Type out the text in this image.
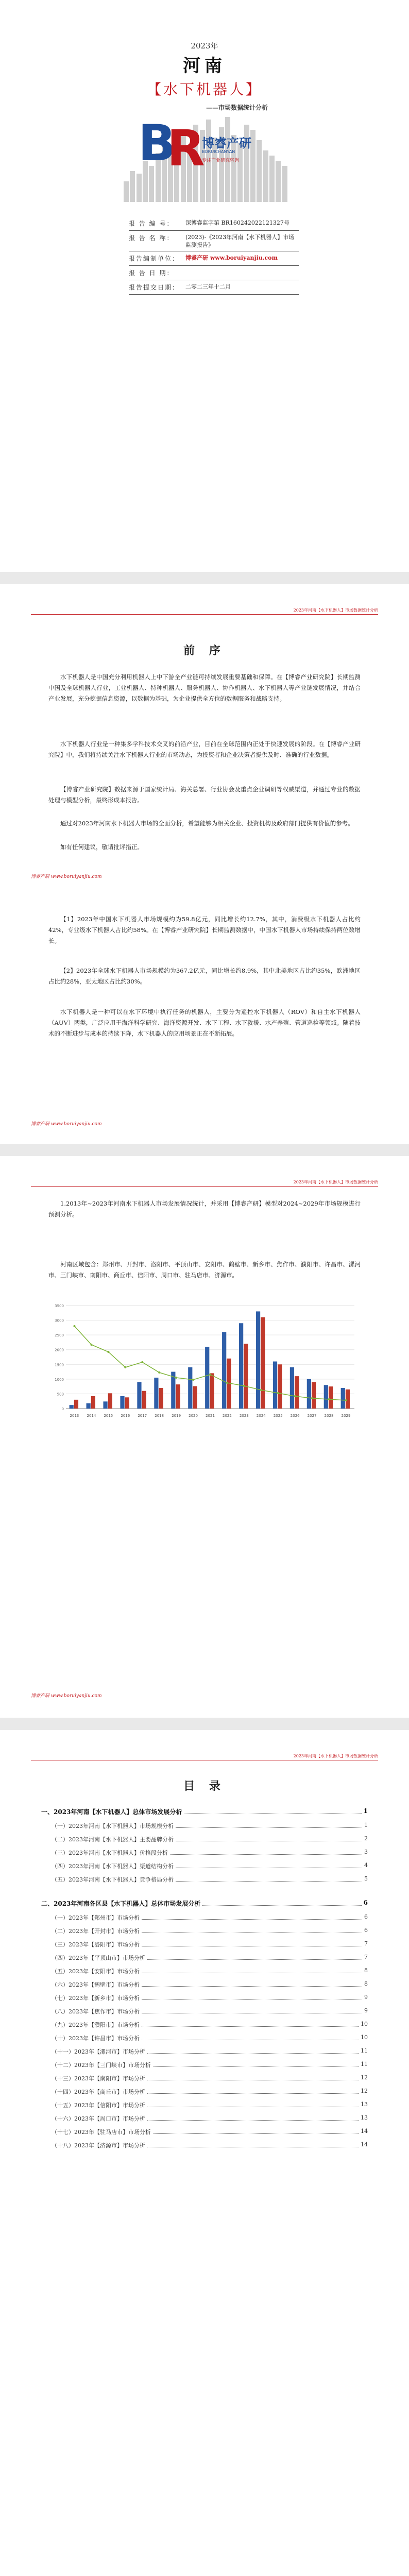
2023年
河南
【水下机器人】
——市场数据统计分析
B
R
博睿产研
BORUICHANYAN
专注产业研究咨询
报 告 编 号：	深博睿监字第 BR160242022121327号
报 告 名 称：	(2023)-《2023年河南【水下机器人】市场监测报告》
报告编制单位：	博睿产研 www.boruiyanjiu.com
报 告 日 期：
报告提交日期：	二零二三年十二月
2023年河南【水下机器人】市场数据统计分析
前 序

水下机器人是中国充分利用机器人上中下游全产业链可持续发展重要基础和保障。在【博睿产业研究院】长期监测中国及全球机器人行业，工业机器人、特种机器人、服务机器人、协作机器人、水下机器人等产业链发展情况，并结合产业发展，充分挖掘信息资源，以数据为基础，为企业提供全方位的数据服务和战略支持。

水下机器人行业是一种集多学科技术交叉的前沿产业，目前在全球范围内正处于快速发展的阶段。在【博睿产业研究院】中，我们将持续关注水下机器人行业的市场动态，为投资者和企业决策者提供及时、准确的行业数据。

【博睿产业研究院】数据来源于国家统计局、海关总署、行业协会及重点企业调研等权威渠道，并通过专业的数据处理与模型分析，最终形成本报告。

通过对2023年河南水下机器人市场的全面分析，希望能够为相关企业、投资机构及政府部门提供有价值的参考。

如有任何建议，敬请批评指正。

博睿产研 www.boruiyanjiu.com

【1】2023年中国水下机器人市场规模约为59.8亿元，同比增长约12.7%，其中，消费级水下机器人占比约42%，专业级水下机器人占比约58%。在【博睿产业研究院】长期监测数据中，中国水下机器人市场持续保持两位数增长。

【2】2023年全球水下机器人市场规模约为367.2亿元，同比增长约8.9%，其中北美地区占比约35%，欧洲地区占比约28%，亚太地区占比约30%。

水下机器人是一种可以在水下环境中执行任务的机器人，主要分为遥控水下机器人（ROV）和自主水下机器人（AUV）两类，广泛应用于海洋科学研究、海洋资源开发、水下工程、水下救援、水产养殖、管道巡检等领域。随着技术的不断进步与成本的持续下降，水下机器人的应用场景正在不断拓展。

博睿产研 www.boruiyanjiu.com
2023年河南【水下机器人】市场数据统计分析

1.2013年~2023年河南水下机器人市场发展情况统计，并采用【博睿产研】模型对2024~2029年市场规模进行预测分析。

河南区域包含：郑州市、开封市、洛阳市、平顶山市、安阳市、鹤壁市、新乡市、焦作市、濮阳市、许昌市、漯河市、三门峡市、南阳市、商丘市、信阳市、周口市、驻马店市、济源市。

0
500
1000
1500
2000
2500
3000
3500
2013 2014 2015 2016 2017 2018 2019 2020 2021 2022 2023 2024 2025 2026 2027 2028 2029
博睿产研 www.boruiyanjiu.com
2023年河南【水下机器人】市场数据统计分析
目 录
一、2023年河南【水下机器人】总体市场发展分析	1
（一）2023年河南【水下机器人】市场规模分析	1
（二）2023年河南【水下机器人】主要品牌分析	2
（三）2023年河南【水下机器人】价格段分析	3
（四）2023年河南【水下机器人】渠道结构分析	4
（五）2023年河南【水下机器人】竞争格局分析	5
二、2023年河南各区县【水下机器人】总体市场发展分析	6
（一）2023年【郑州市】市场分析	6
（二）2023年【开封市】市场分析	6
（三）2023年【洛阳市】市场分析	7
（四）2023年【平顶山市】市场分析	7
（五）2023年【安阳市】市场分析	8
（六）2023年【鹤壁市】市场分析	8
（七）2023年【新乡市】市场分析	9
（八）2023年【焦作市】市场分析	9
（九）2023年【濮阳市】市场分析	10
（十）2023年【许昌市】市场分析	10
（十一）2023年【漯河市】市场分析	11
（十二）2023年【三门峡市】市场分析	11
（十三）2023年【南阳市】市场分析	12
（十四）2023年【商丘市】市场分析	12
（十五）2023年【信阳市】市场分析	13
（十六）2023年【周口市】市场分析	13
（十七）2023年【驻马店市】市场分析	14
（十八）2023年【济源市】市场分析	14
